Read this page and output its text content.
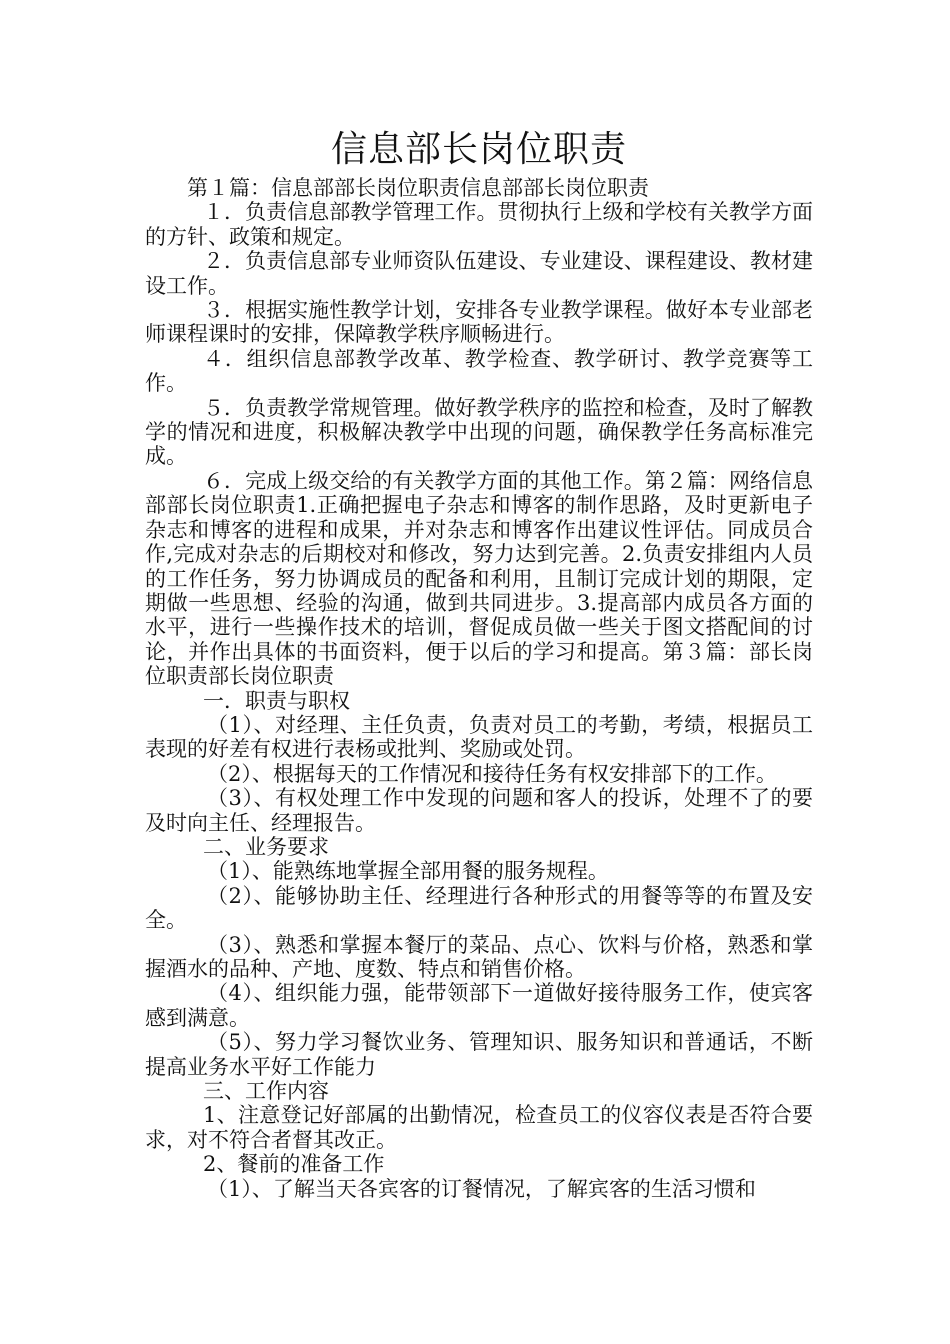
信息部长岗位职责

第１篇：信息部部长岗位职责信息部部长岗位职责

１．负责信息部教学管理工作。贯彻执行上级和学校有关教学方面的方针、政策和规定。

２．负责信息部专业师资队伍建设、专业建设、课程建设、教材建设工作。

３．根据实施性教学计划，安排各专业教学课程。做好本专业部老师课程课时的安排，保障教学秩序顺畅进行。

４．组织信息部教学改革、教学检查、教学研讨、教学竞赛等工作。

５．负责教学常规管理。做好教学秩序的监控和检查，及时了解教学的情况和进度，积极解决教学中出现的问题，确保教学任务高标准完成。

６．完成上级交给的有关教学方面的其他工作。第２篇：网络信息部部长岗位职责1.正确把握电子杂志和博客的制作思路，及时更新电子杂志和博客的进程和成果，并对杂志和博客作出建议性评估。同成员合作,完成对杂志的后期校对和修改，努力达到完善。2.负责安排组内人员的工作任务，努力协调成员的配备和利用，且制订完成计划的期限，定期做一些思想、经验的沟通，做到共同进步。3.提高部内成员各方面的水平，进行一些操作技术的培训，督促成员做一些关于图文搭配间的讨论，并作出具体的书面资料，便于以后的学习和提高。第３篇：部长岗位职责部长岗位职责

一．职责与职权

（1）、对经理、主任负责，负责对员工的考勤，考绩，根据员工表现的好差有权进行表杨或批判、奖励或处罚。

（2）、根据每天的工作情况和接待任务有权安排部下的工作。

（3）、有权处理工作中发现的问题和客人的投诉，处理不了的要及时向主任、经理报告。

二、业务要求

（1）、能熟练地掌握全部用餐的服务规程。

（2）、能够协助主任、经理进行各种形式的用餐等等的布置及安全。

（3）、熟悉和掌握本餐厅的菜品、点心、饮料与价格，熟悉和掌握酒水的品种、产地、度数、特点和销售价格。

（4）、组织能力强，能带领部下一道做好接待服务工作，使宾客感到满意。

（5）、努力学习餐饮业务、管理知识、服务知识和普通话，不断提高业务水平好工作能力

三、工作内容

1、注意登记好部属的出勤情况，检查员工的仪容仪表是否符合要求，对不符合者督其改正。

2、餐前的准备工作

（1）、了解当天各宾客的订餐情况，了解宾客的生活习惯和
